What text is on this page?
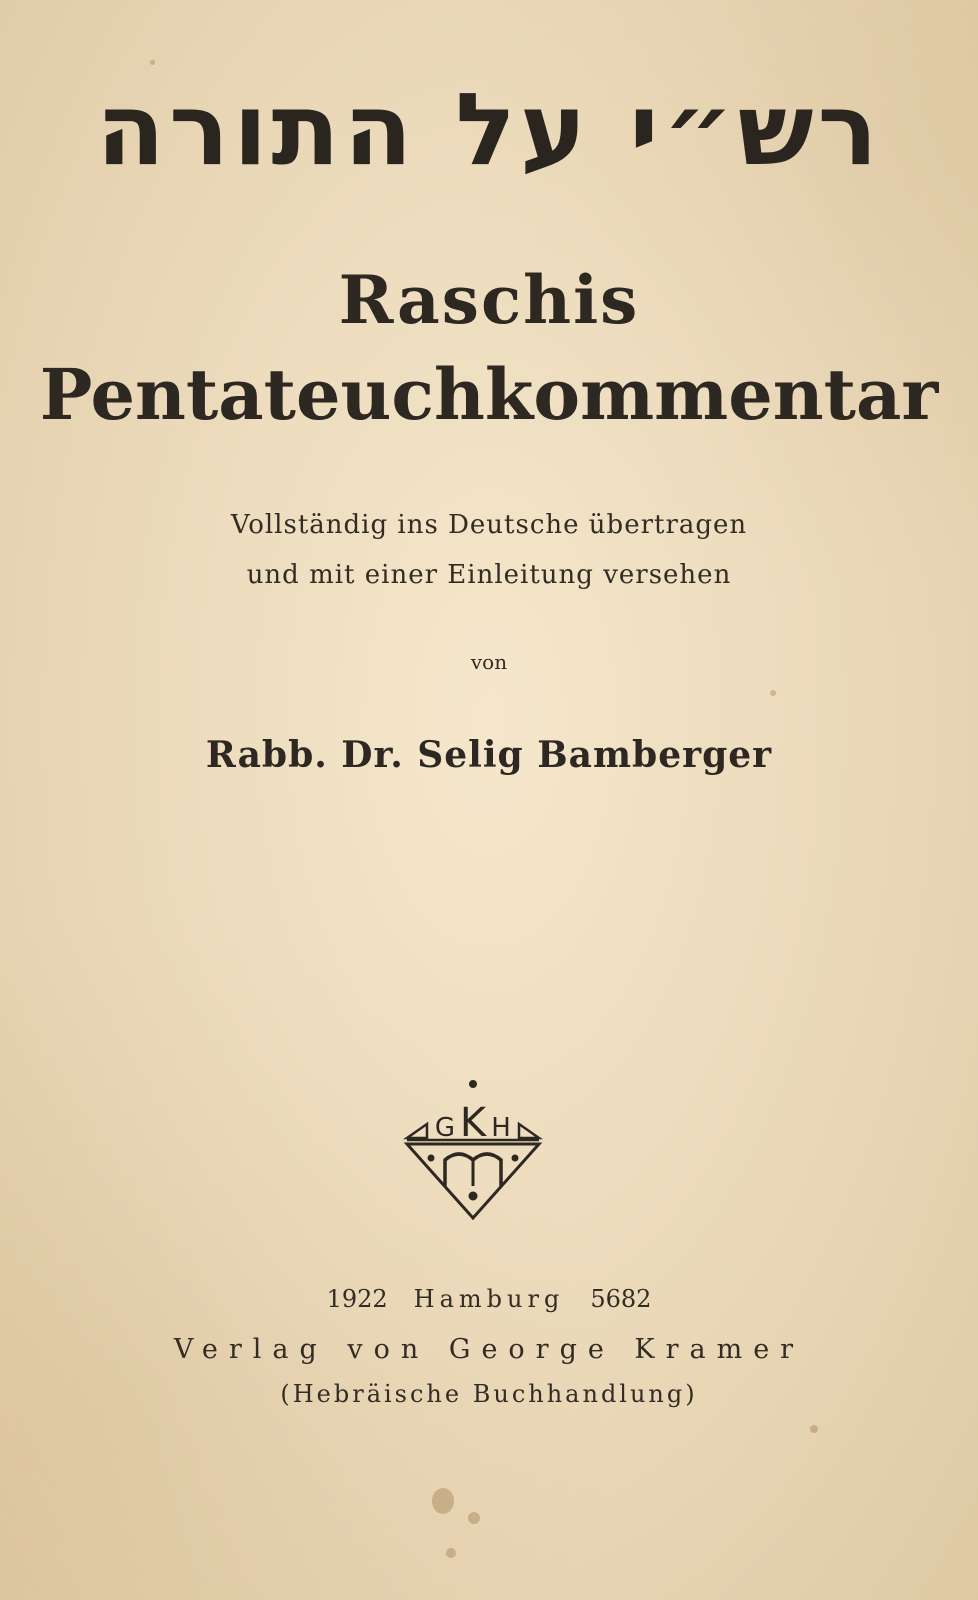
רש״י על התורה
Raschis
Pentateuchkommentar
Vollständig ins Deutsche übertragen
und mit einer Einleitung versehen
von
Rabb. Dr. Selig Bamberger
G K H
1922 Hamburg 5682
Verlag von George Kramer
(Hebräische Buchhandlung)
